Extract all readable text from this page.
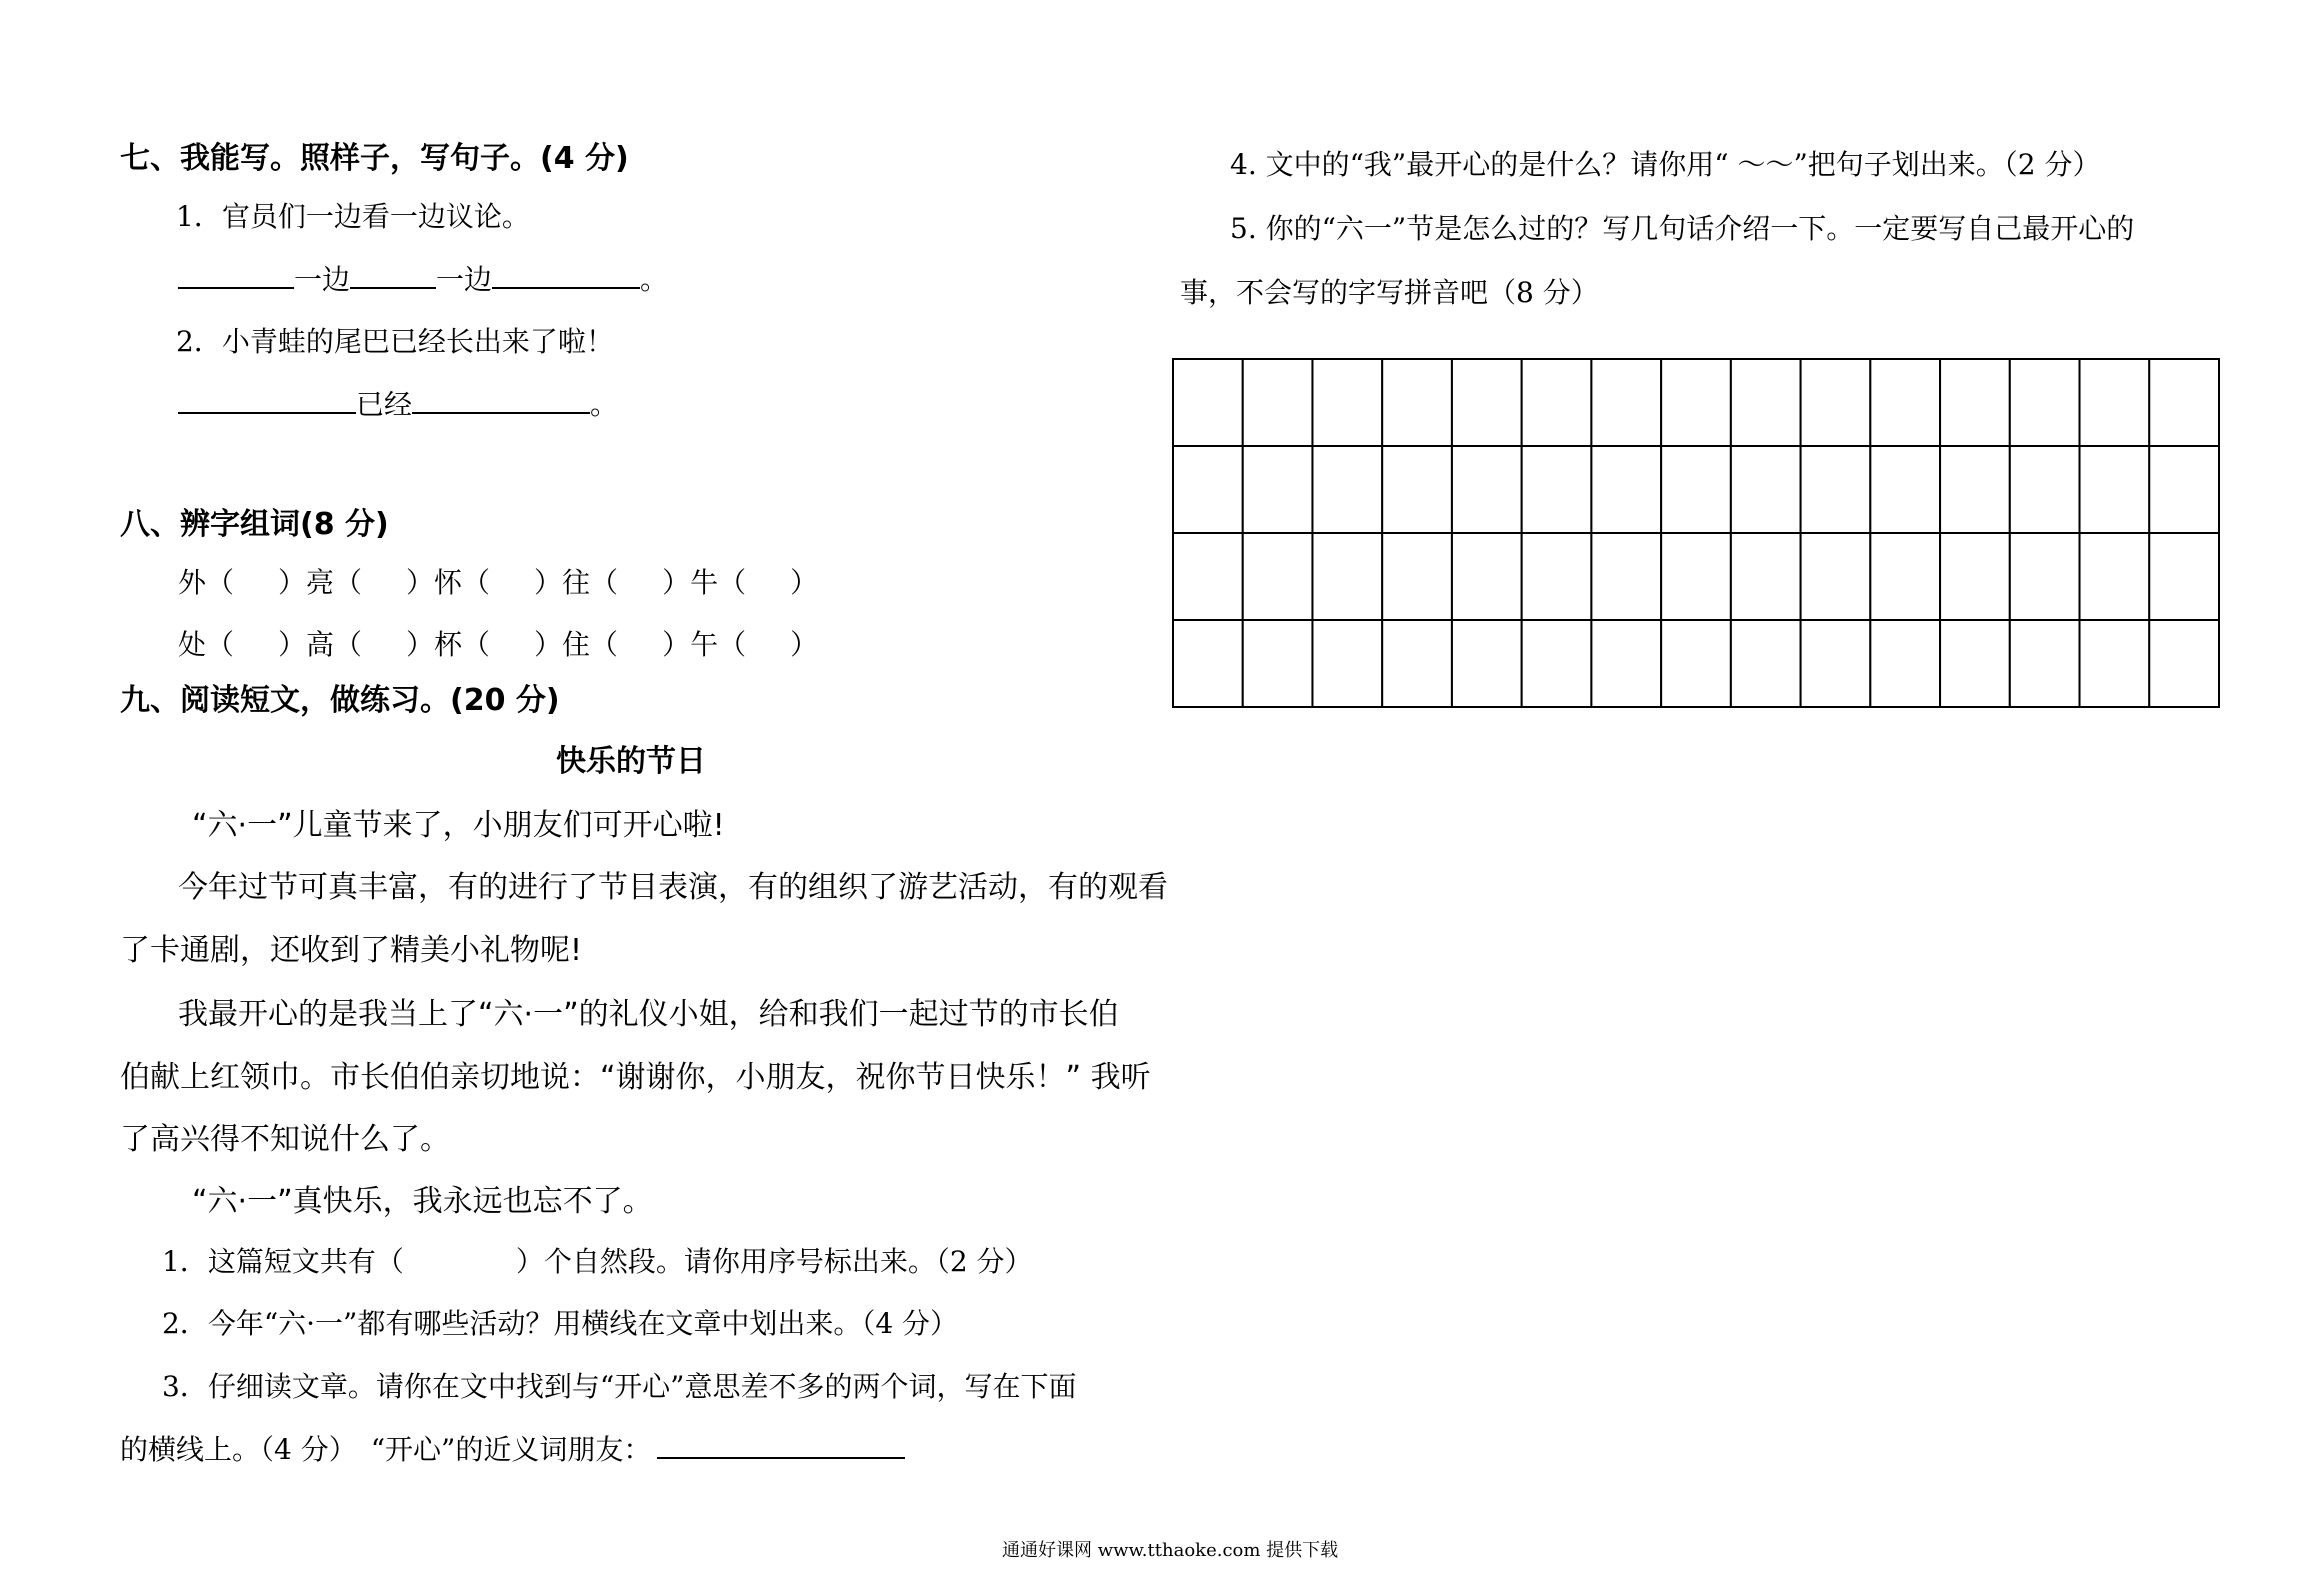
七、我能写。照样子，写句子。(4 分)
1．官员们一边看一边议论。
一边	一边	。
2．小青蛙的尾巴已经长出来了啦！
已经	。
八、辨字组词(8 分)
外（ ）亮（ ）怀（ ）往（ ）牛（ ）
处（ ）高（ ）杯（ ）住（ ）午（ ）
九、阅读短文，做练习。(20 分)
快乐的节日
“六·一”儿童节来了，小朋友们可开心啦!
今年过节可真丰富，有的进行了节目表演，有的组织了游艺活动，有的观看
了卡通剧，还收到了精美小礼物呢!
我最开心的是我当上了“六·一”的礼仪小姐，给和我们一起过节的市长伯
伯献上红领巾。市长伯伯亲切地说：“谢谢你，小朋友，祝你节日快乐！” 我听
了高兴得不知说什么了。
“六·一”真快乐，我永远也忘不了。
1．这篇短文共有（　　　　）个自然段。请你用序号标出来。（2 分）
2．今年“六·一”都有哪些活动？用横线在文章中划出来。（4 分）
3．仔细读文章。请你在文中找到与“开心”意思差不多的两个词，写在下面
的横线上。（4 分）　“开心”的近义词朋友：
4. 文中的“我”最开心的是什么？请你用“ ～～”把句子划出来。（2 分）
5. 你的“六一”节是怎么过的？写几句话介绍一下。一定要写自己最开心的
事，不会写的字写拼音吧（8 分）
通通好课网 www.tthaoke.com 提供下载
